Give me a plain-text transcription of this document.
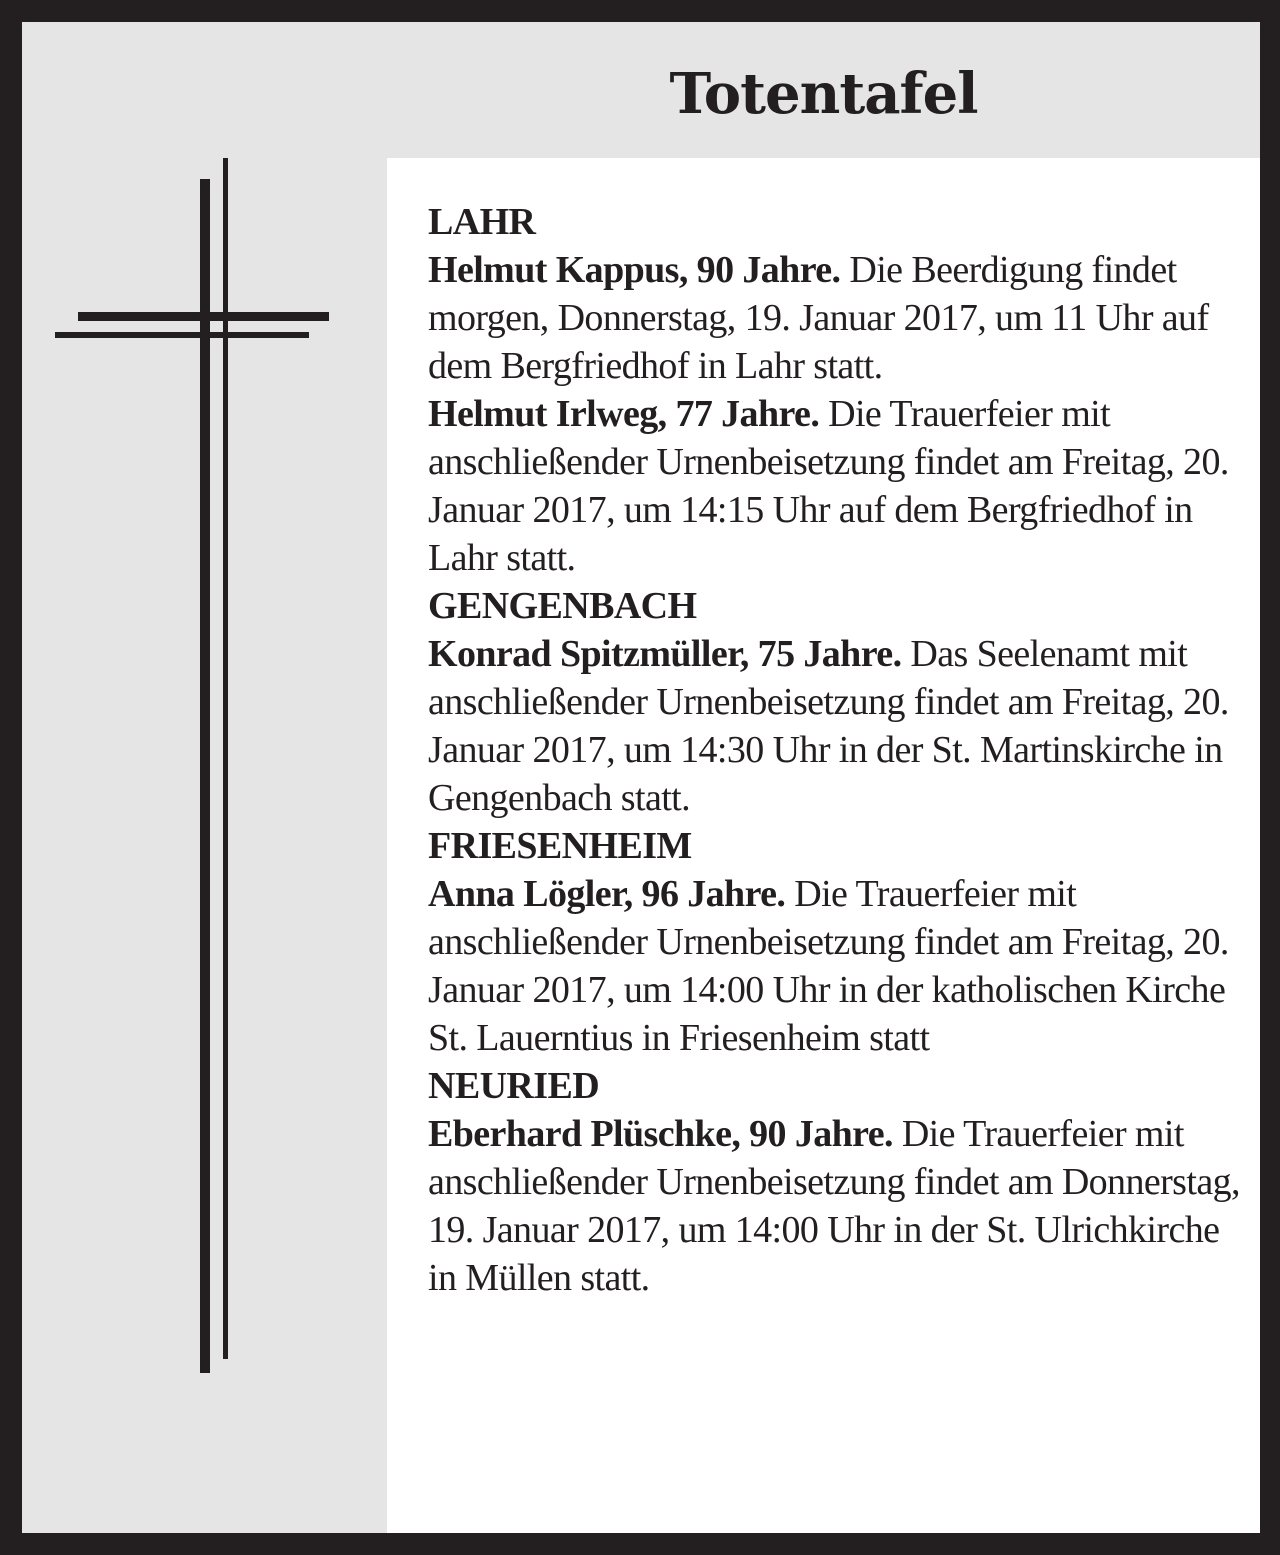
Totentafel
LAHR

Helmut Kappus, 90 Jahre. Die Beerdigung findet morgen, Donnerstag, 19. Januar 2017, um 11 Uhr auf dem Bergfriedhof in Lahr statt.

Helmut Irlweg, 77 Jahre. Die Trauerfeier mit anschließender Urnenbeisetzung findet am Freitag, 20. Januar 2017, um 14:15 Uhr auf dem Bergfriedhof in Lahr statt.

GENGENBACH

Konrad Spitzmüller, 75 Jahre. Das Seelenamt mit anschließender Urnenbeisetzung findet am Freitag, 20. Januar 2017, um 14:30 Uhr in der St. Martinskirche in Gengenbach statt.

FRIESENHEIM

Anna Lögler, 96 Jahre. Die Trauerfeier mit anschließender Urnenbeisetzung findet am Freitag, 20. Januar 2017, um 14:00 Uhr in der katholischen Kirche St. Lauerntius in Friesenheim statt

NEURIED

Eberhard Plüschke, 90 Jahre. Die Trauerfeier mit anschließender Urnenbeisetzung findet am Donnerstag, 19. Januar 2017, um 14:00 Uhr in der St. Ulrichkirche in Müllen statt.
